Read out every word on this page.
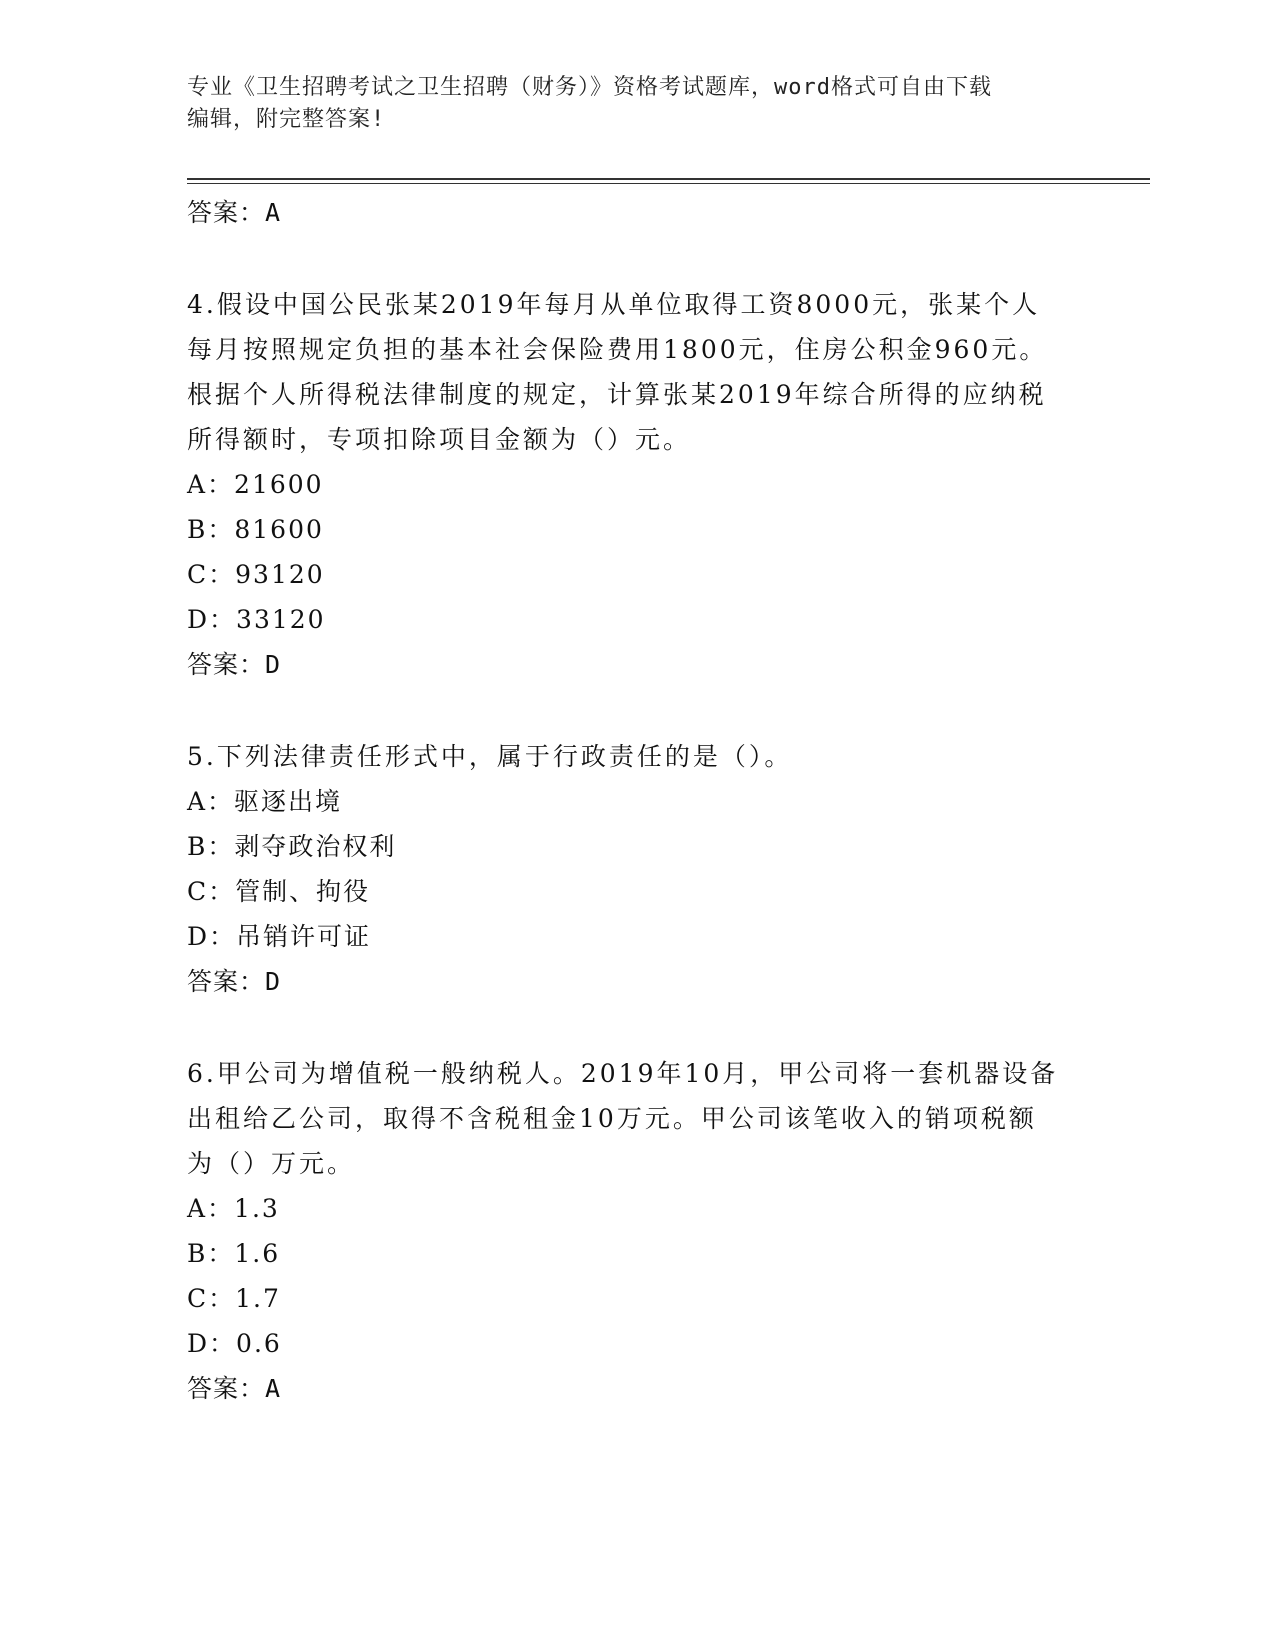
专业《卫生招聘考试之卫生招聘（财务）》资格考试题库，word格式可自由下载
编辑，附完整答案!
答案：A
4.假设中国公民张某2019年每月从单位取得工资8000元，张某个人
每月按照规定负担的基本社会保险费用1800元，住房公积金960元。
根据个人所得税法律制度的规定，计算张某2019年综合所得的应纳税
所得额时，专项扣除项目金额为（）元。
A：21600
B：81600
C：93120
D：33120
答案：D
5.下列法律责任形式中，属于行政责任的是（）。
A：驱逐出境
B：剥夺政治权利
C：管制、拘役
D：吊销许可证
答案：D
6.甲公司为增值税一般纳税人。2019年10月，甲公司将一套机器设备
出租给乙公司，取得不含税租金10万元。甲公司该笔收入的销项税额
为（）万元。
A：1.3
B：1.6
C：1.7
D：0.6
答案：A
